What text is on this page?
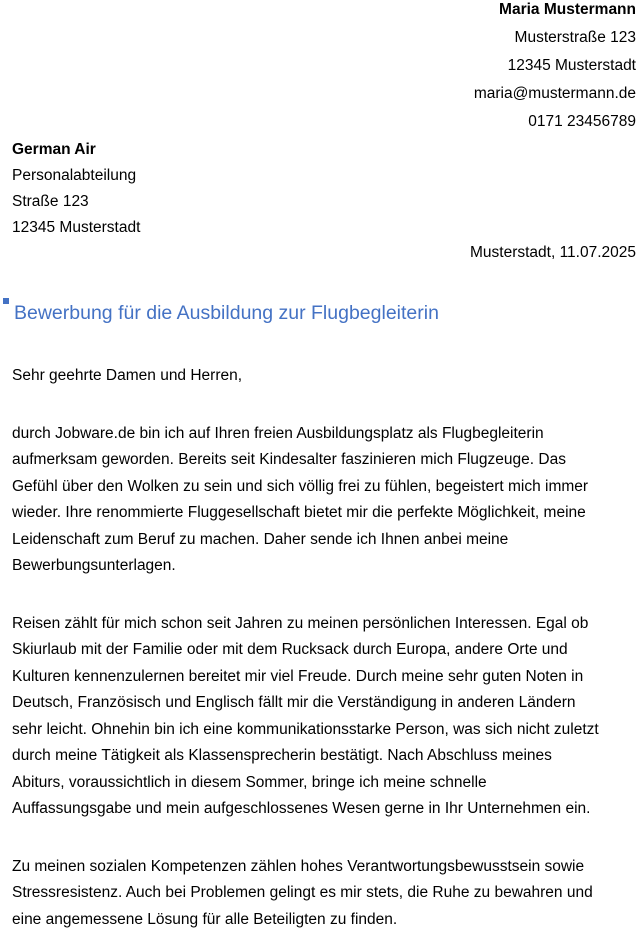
Maria Mustermann
Musterstraße 123
12345 Musterstadt
maria@mustermann.de
0171 23456789
German Air
Personalabteilung
Straße 123
12345 Musterstadt
Musterstadt, 11.07.2025
Bewerbung für die Ausbildung zur Flugbegleiterin
Sehr geehrte Damen und Herren,
durch Jobware.de bin ich auf Ihren freien Ausbildungsplatz als Flugbegleiterin
aufmerksam geworden. Bereits seit Kindesalter faszinieren mich Flugzeuge. Das
Gefühl über den Wolken zu sein und sich völlig frei zu fühlen, begeistert mich immer
wieder. Ihre renommierte Fluggesellschaft bietet mir die perfekte Möglichkeit, meine
Leidenschaft zum Beruf zu machen. Daher sende ich Ihnen anbei meine
Bewerbungsunterlagen.
Reisen zählt für mich schon seit Jahren zu meinen persönlichen Interessen. Egal ob
Skiurlaub mit der Familie oder mit dem Rucksack durch Europa, andere Orte und
Kulturen kennenzulernen bereitet mir viel Freude. Durch meine sehr guten Noten in
Deutsch, Französisch und Englisch fällt mir die Verständigung in anderen Ländern
sehr leicht. Ohnehin bin ich eine kommunikationsstarke Person, was sich nicht zuletzt
durch meine Tätigkeit als Klassensprecherin bestätigt. Nach Abschluss meines
Abiturs, voraussichtlich in diesem Sommer, bringe ich meine schnelle
Auffassungsgabe und mein aufgeschlossenes Wesen gerne in Ihr Unternehmen ein.
Zu meinen sozialen Kompetenzen zählen hohes Verantwortungsbewusstsein sowie
Stressresistenz. Auch bei Problemen gelingt es mir stets, die Ruhe zu bewahren und
eine angemessene Lösung für alle Beteiligten zu finden.
